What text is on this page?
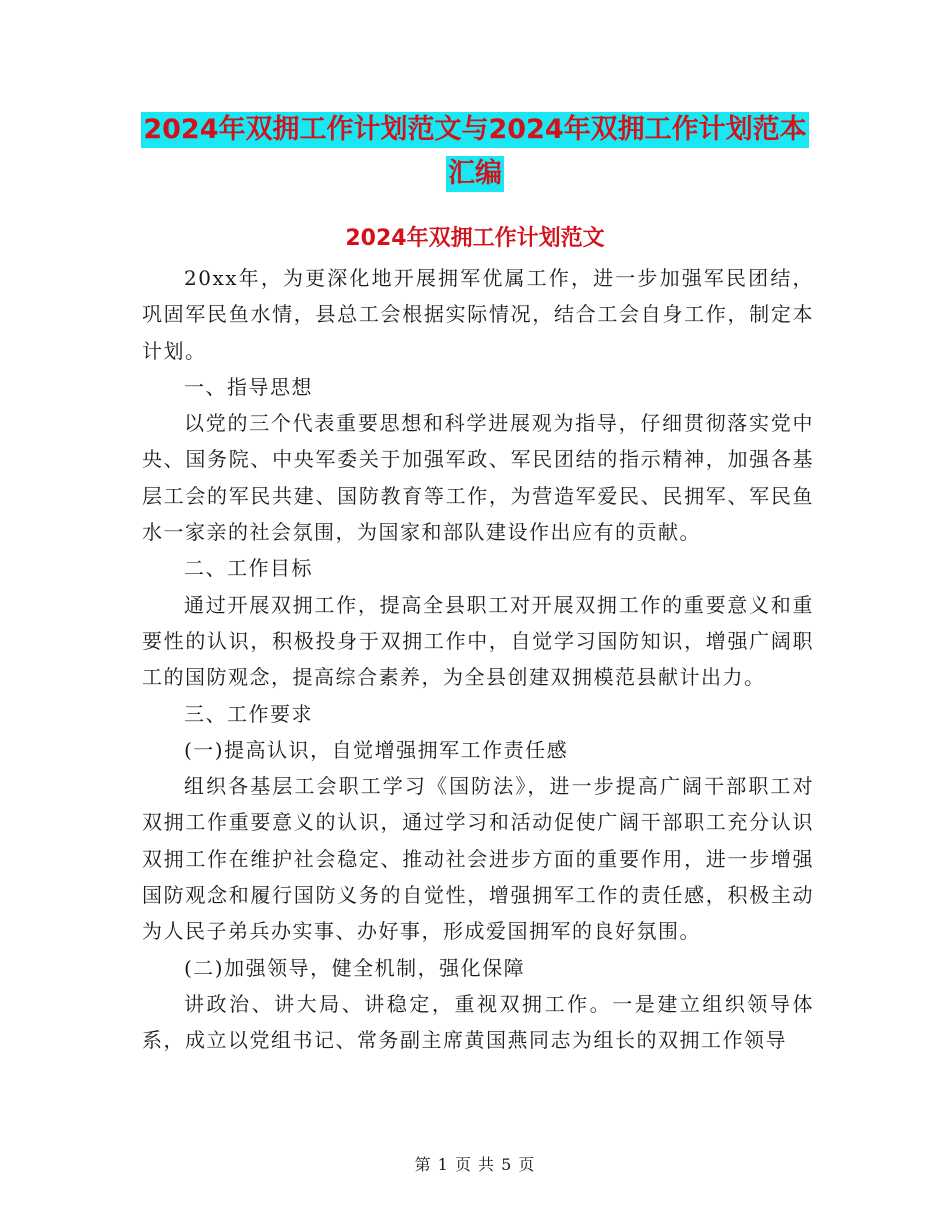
2024年双拥工作计划范文与2024年双拥工作计划范本
汇编
2024年双拥工作计划范文

20xx年，为更深化地开展拥军优属工作，进一步加强军民团结，巩固军民鱼水情，县总工会根据实际情况，结合工会自身工作，制定本计划。

一、指导思想

以党的三个代表重要思想和科学进展观为指导，仔细贯彻落实党中央、国务院、中央军委关于加强军政、军民团结的指示精神，加强各基层工会的军民共建、国防教育等工作，为营造军爱民、民拥军、军民鱼水一家亲的社会氛围，为国家和部队建设作出应有的贡献。

二、工作目标

通过开展双拥工作，提高全县职工对开展双拥工作的重要意义和重要性的认识，积极投身于双拥工作中，自觉学习国防知识，增强广阔职工的国防观念，提高综合素养，为全县创建双拥模范县献计出力。

三、工作要求

(一)提高认识，自觉增强拥军工作责任感

组织各基层工会职工学习《国防法》，进一步提高广阔干部职工对双拥工作重要意义的认识，通过学习和活动促使广阔干部职工充分认识双拥工作在维护社会稳定、推动社会进步方面的重要作用，进一步增强国防观念和履行国防义务的自觉性，增强拥军工作的责任感，积极主动为人民子弟兵办实事、办好事，形成爱国拥军的良好氛围。

(二)加强领导，健全机制，强化保障

讲政治、讲大局、讲稳定，重视双拥工作。一是建立组织领导体系，成立以党组书记、常务副主席黄国燕同志为组长的双拥工作领导

第 1 页 共 5 页
